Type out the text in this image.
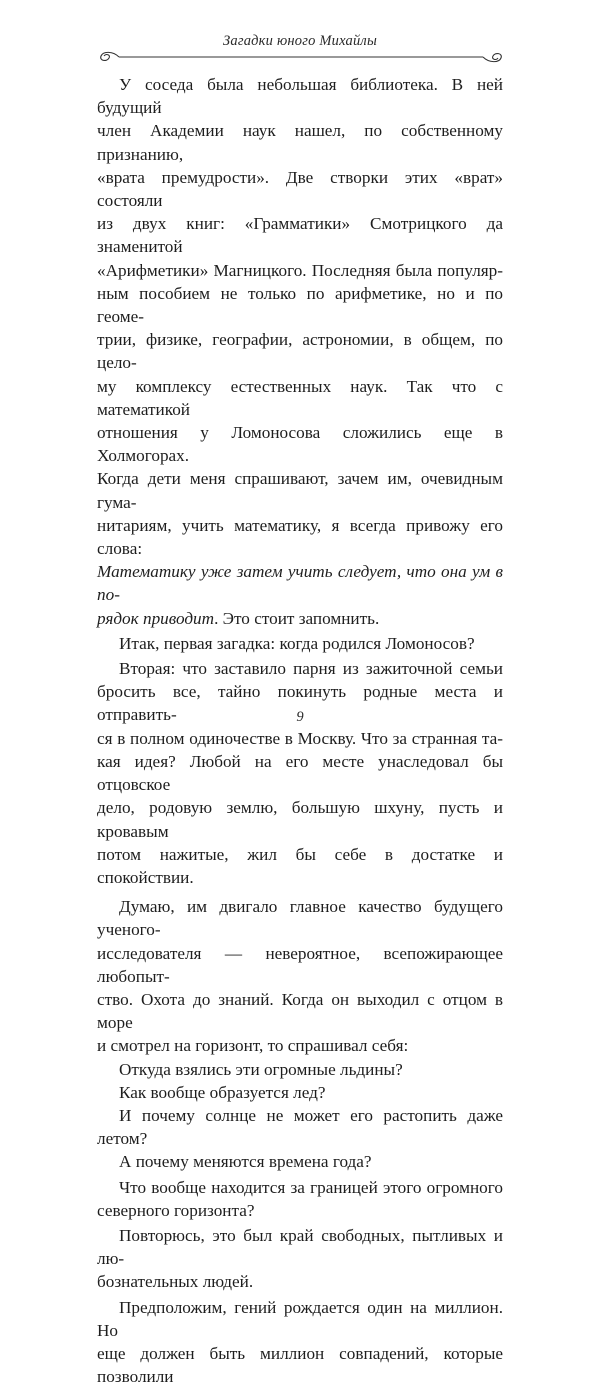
Загадки юного Михайлы

У соседа была небольшая библиотека. В ней будущий

член Академии наук нашел, по собственному признанию,

«врата премудрости». Две створки этих «врат» состояли

из двух книг: «Грамматики» Смотрицкого да знаменитой

«Арифметики» Магницкого. Последняя была популяр-

ным пособием не только по арифметике, но и по геоме-

трии, физике, географии, астрономии, в общем, по цело-

му комплексу естественных наук. Так что с математикой

отношения у Ломоносова сложились еще в Холмогорах.

Когда дети меня спрашивают, зачем им, очевидным гума-

нитариям, учить математику, я всегда привожу его слова:

Математику уже затем учить следует, что она ум в по-

рядок приводит. Это стоит запомнить.

Итак, первая загадка: когда родился Ломоносов?

Вторая: что заставило парня из зажиточной семьи

бросить все, тайно покинуть родные места и отправить-

ся в полном одиночестве в Москву. Что за странная та-

кая идея? Любой на его месте унаследовал бы отцовское

дело, родовую землю, большую шхуну, пусть и кровавым

потом нажитые, жил бы себе в достатке и спокойствии.

Думаю, им двигало главное качество будущего ученого-

исследователя — невероятное, всепожирающее любопыт-

ство. Охота до знаний. Когда он выходил с отцом в море

и смотрел на горизонт, то спрашивал себя:

Откуда взялись эти огромные льдины?

Как вообще образуется лед?

И почему солнце не может его растопить даже летом?

А почему меняются времена года?

Что вообще находится за границей этого огромного

северного горизонта?

Повторюсь, это был край свободных, пытливых и лю-

бознательных людей.

Предположим, гений рождается один на миллион. Но

еще должен быть миллион совпадений, которые позволили

9
